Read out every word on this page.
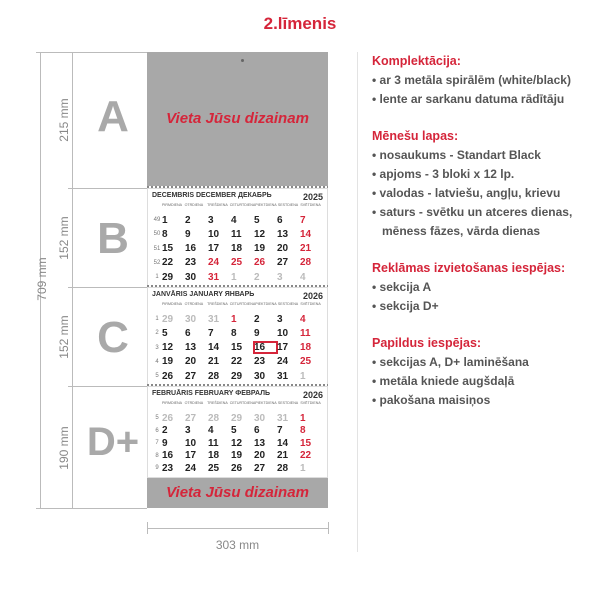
2.līmenis
709 mm
215 mm
152 mm
152 mm
190 mm
A
B
C
D+
Vieta Jūsu dizainam
DECEMBRIS DECEMBER ДЕКАБРЬ	2025
PIRMDIENA OTRDIENA	TREŠDIENA CETURTDIENA PIEKTDIENA SESTDIENA SVĒTDIENA
49 1	2	3	4	5	6	7
50 8	9	10	11	12	13	14
51 15	16	17	18	19	20	21
52 22	23	24	25	26	27	28
1 29	30	31	1	2	3	4
JANVĀRIS JANUARY ЯНВАРЬ	2026
PIRMDIENA OTRDIENA	TREŠDIENA CETURTDIENA PIEKTDIENA SESTDIENA SVĒTDIENA
1 29	30	31	1	2	3	4
2 5	6	7	8	9	10	11
3 12	13	14	15	16	17	18
4 19	20	21	22	23	24	25
5 26	27	28	29	30	31	1
FEBRUĀRIS FEBRUARY ФЕВРАЛЬ	2026
PIRMDIENA OTRDIENA	TREŠDIENA CETURTDIENA PIEKTDIENA SESTDIENA SVĒTDIENA
5 26	27	28	29	30	31	1
6 2	3	4	5	6	7	8
7 9	10	11	12	13	14	15
8 16	17	18	19	20	21	22
9 23	24	25	26	27	28	1
Vieta Jūsu dizainam
303 mm
Komplektācija:
• ar 3 metāla spirālēm (white/black)
• lente ar sarkanu datuma rādītāju
Mēnešu lapas:
• nosaukums - Standart Black
• apjoms - 3 bloki x 12 lp.
• valodas - latviešu, angļu, krievu
• saturs - svētku un atceres dienas,
mēness fāzes, vārda dienas
Reklāmas izvietošanas iespējas:
• sekcija A
• sekcija D+
Papildus iespējas:
• sekcijas A, D+ laminēšana
• metāla kniede augšdaļā
• pakošana maisiņos
